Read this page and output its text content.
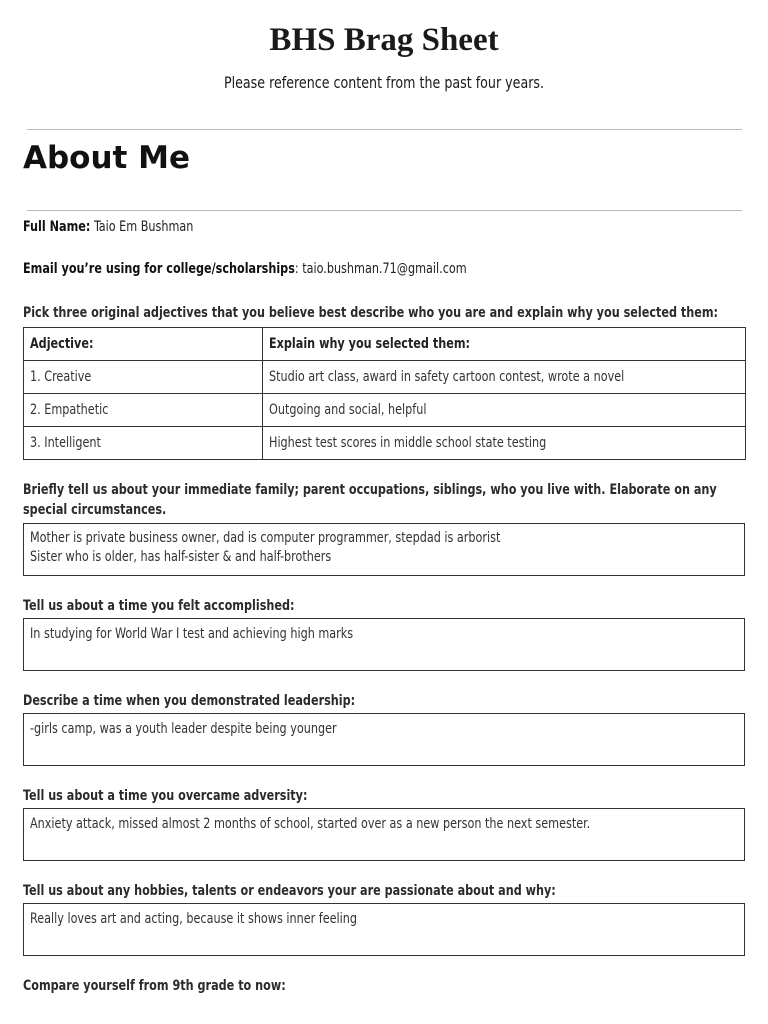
BHS Brag Sheet
Please reference content from the past four years.
About Me
Full Name: Taio Em Bushman
Email you’re using for college/scholarships: taio.bushman.71@gmail.com
Pick three original adjectives that you believe best describe who you are and explain why you selected them:
Adjective:	Explain why you selected them:
1. Creative	Studio art class, award in safety cartoon contest, wrote a novel
2. Empathetic	Outgoing and social, helpful
3. Intelligent	Highest test scores in middle school state testing
Briefly tell us about your immediate family; parent occupations, siblings, who you live with. Elaborate on any special circumstances.
Mother is private business owner, dad is computer programmer, stepdad is arborist
Sister who is older, has half-sister & and half-brothers
Tell us about a time you felt accomplished:
In studying for World War I test and achieving high marks
Describe a time when you demonstrated leadership:
-girls camp, was a youth leader despite being younger
Tell us about a time you overcame adversity:
Anxiety attack, missed almost 2 months of school, started over as a new person the next semester.
Tell us about any hobbies, talents or endeavors your are passionate about and why:
Really loves art and acting, because it shows inner feeling
Compare yourself from 9th grade to now:
